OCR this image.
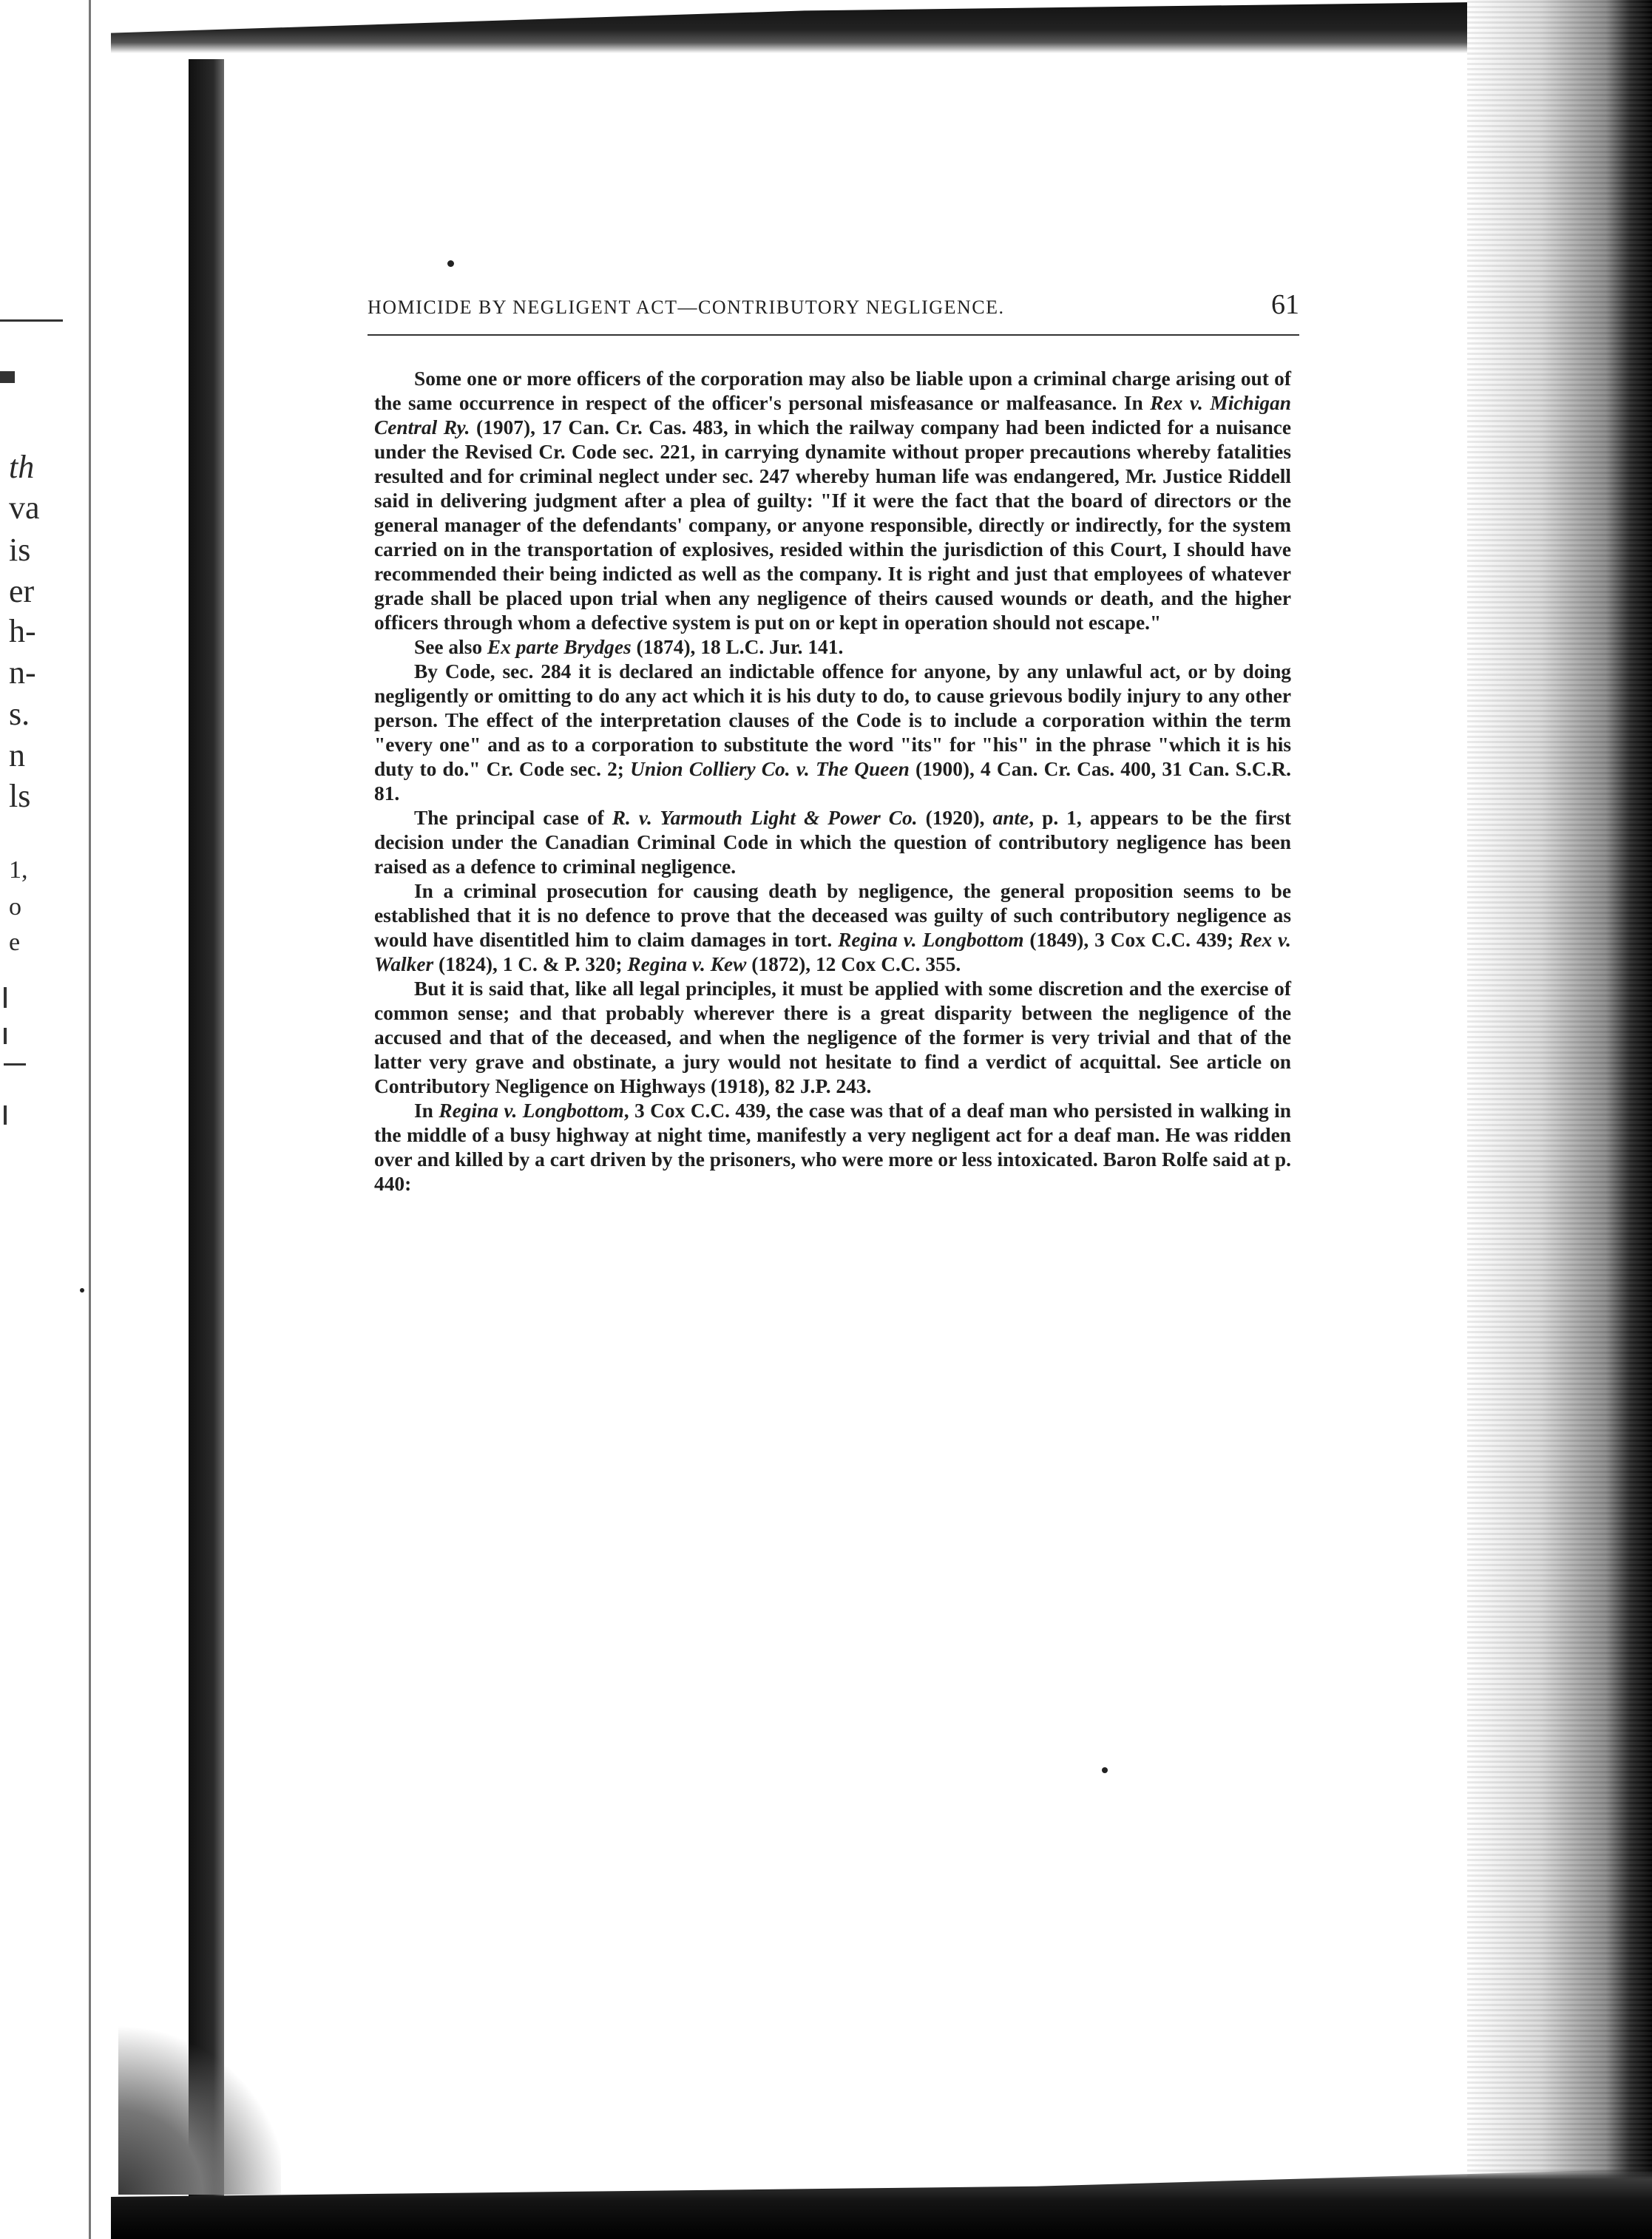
th
va
is
er
h-
n-
s.
n
ls
1,
o
e
HOMICIDE BY NEGLIGENT ACT—CONTRIBUTORY NEGLIGENCE.	61

Some one or more officers of the corporation may also be liable upon a criminal charge arising out of the same occurrence in respect of the officer's personal misfeasance or malfeasance. In Rex v. Michigan Central Ry. (1907), 17 Can. Cr. Cas. 483, in which the railway company had been indicted for a nuisance under the Revised Cr. Code sec. 221, in carrying dynamite without proper precautions whereby fatalities resulted and for criminal neglect under sec. 247 whereby human life was endangered, Mr. Justice Riddell said in delivering judgment after a plea of guilty: "If it were the fact that the board of directors or the general manager of the defendants' company, or anyone responsible, directly or indirectly, for the system carried on in the transportation of explosives, resided within the jurisdiction of this Court, I should have recommended their being indicted as well as the company. It is right and just that employees of whatever grade shall be placed upon trial when any negligence of theirs caused wounds or death, and the higher officers through whom a defective system is put on or kept in operation should not escape."

See also Ex parte Brydges (1874), 18 L.C. Jur. 141.

By Code, sec. 284 it is declared an indictable offence for anyone, by any unlawful act, or by doing negligently or omitting to do any act which it is his duty to do, to cause grievous bodily injury to any other person. The effect of the interpretation clauses of the Code is to include a corporation within the term "every one" and as to a corporation to substitute the word "its" for "his" in the phrase "which it is his duty to do." Cr. Code sec. 2; Union Colliery Co. v. The Queen (1900), 4 Can. Cr. Cas. 400, 31 Can. S.C.R. 81.

The principal case of R. v. Yarmouth Light & Power Co. (1920), ante, p. 1, appears to be the first decision under the Canadian Criminal Code in which the question of contributory negligence has been raised as a defence to criminal negligence.

In a criminal prosecution for causing death by negligence, the general proposition seems to be established that it is no defence to prove that the deceased was guilty of such contributory negligence as would have disentitled him to claim damages in tort. Regina v. Longbottom (1849), 3 Cox C.C. 439; Rex v. Walker (1824), 1 C. & P. 320; Regina v. Kew (1872), 12 Cox C.C. 355.

But it is said that, like all legal principles, it must be applied with some discretion and the exercise of common sense; and that probably wherever there is a great disparity between the negligence of the accused and that of the deceased, and when the negligence of the former is very trivial and that of the latter very grave and obstinate, a jury would not hesitate to find a verdict of acquittal. See article on Contributory Negligence on Highways (1918), 82 J.P. 243.

In Regina v. Longbottom, 3 Cox C.C. 439, the case was that of a deaf man who persisted in walking in the middle of a busy highway at night time, manifestly a very negligent act for a deaf man. He was ridden over and killed by a cart driven by the prisoners, who were more or less intoxicated. Baron Rolfe said at p. 440:
